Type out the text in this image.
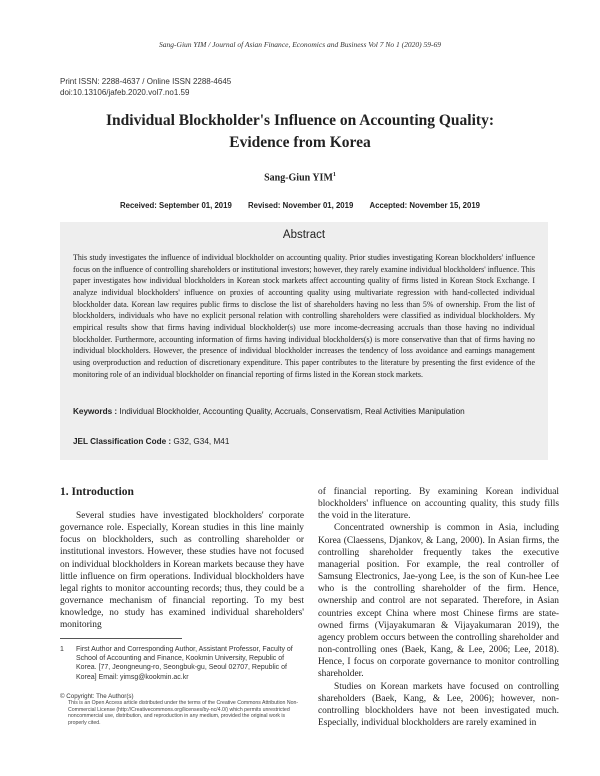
Sang-Giun YIM / Journal of Asian Finance, Economics and Business Vol 7 No 1 (2020) 59-69
Print ISSN: 2288-4637 / Online ISSN 2288-4645
doi:10.13106/jafeb.2020.vol7.no1.59
Individual Blockholder's Influence on Accounting Quality:
Evidence from Korea
Sang-Giun YIM$^1$
Received: September 01, 2019 Revised: November 01, 2019 Accepted: November 15, 2019
Abstract
This study investigates the influence of individual blockholder on accounting quality. Prior studies investigating Korean blockholders' influence focus on the influence of controlling shareholders or institutional investors; however, they rarely examine individual blockholders' influence. This paper investigates how individual blockholders in Korean stock markets affect accounting quality of firms listed in Korean Stock Exchange. I analyze individual blockholders' influence on proxies of accounting quality using multivariate regression with hand-collected individual blockholder data. Korean law requires public firms to disclose the list of shareholders having no less than 5% of ownership. From the list of blockholders, individuals who have no explicit personal relation with controlling shareholders were classified as individual blockholders. My empirical results show that firms having individual blockholder(s) use more income-decreasing accruals than those having no individual blockholder. Furthermore, accounting information of firms having individual blockholders(s) is more conservative than that of firms having no individual blockholders. However, the presence of individual blockholder increases the tendency of loss avoidance and earnings management using overproduction and reduction of discretionary expenditure. This paper contributes to the literature by presenting the first evidence of the monitoring role of an individual blockholder on financial reporting of firms listed in the Korean stock markets.
Keywords : Individual Blockholder, Accounting Quality, Accruals, Conservatism, Real Activities Manipulation
JEL Classification Code : G32, G34, M41
1. Introduction

Several studies have investigated blockholders' corporate governance role. Especially, Korean studies in this line mainly focus on blockholders, such as controlling shareholder or institutional investors. However, these studies have not focused on individual blockholders in Korean markets because they have little influence on firm operations. Individual blockholders have legal rights to monitor accounting records; thus, they could be a governance mechanism of financial reporting. To my best knowledge, no study has examined individual shareholders' monitoring

of financial reporting. By examining Korean individual blockholders' influence on accounting quality, this study fills the void in the literature.

Concentrated ownership is common in Asia, including Korea (Claessens, Djankov, & Lang, 2000). In Asian firms, the controlling shareholder frequently takes the executive managerial position. For example, the real controller of Samsung Electronics, Jae-yong Lee, is the son of Kun-hee Lee who is the controlling shareholder of the firm. Hence, ownership and control are not separated. Therefore, in Asian countries except China where most Chinese firms are state-owned firms (Vijayakumaran & Vijayakumaran 2019), the agency problem occurs between the controlling shareholder and non-controlling ones (Baek, Kang, & Lee, 2006; Lee, 2018). Hence, I focus on corporate governance to monitor controlling shareholder.

Studies on Korean markets have focused on controlling shareholders (Baek, Kang, & Lee, 2006); however, non-controlling blockholders have not been investigated much. Especially, individual blockholders are rarely examined in

1 First Author and Corresponding Author, Assistant Professor, Faculty of School of Accounting and Finance, Kookmin University, Republic of Korea. [77, Jeongneung-ro, Seongbuk-gu, Seoul 02707, Republic of Korea] Email: yimsg@kookmin.ac.kr
© Copyright: The Author(s)
This is an Open Access article distributed under the terms of the Creative Commons Attribution Non-Commercial License (http://Creativecommons.org/licenses/by-nc/4.0/) which permits unrestricted noncommercial use, distribution, and reproduction in any medium, provided the original work is properly cited.
